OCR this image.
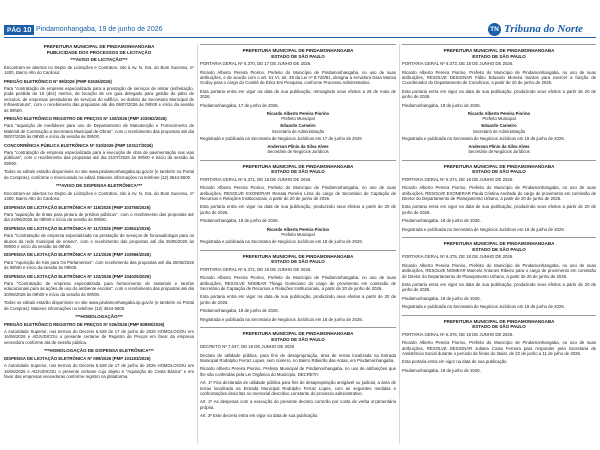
PÁG 10 Pindamonhangaba, 19 de junho de 2026	TN Tribuna do Norte
PREFEITURA MUNICIPAL DE PINDAMONHANGABA
PUBLICIDADE DOS PROCESSOS DE LICITAÇÃO
***AVISO DE LICITAÇÃO***
Encontram-se abertos no Depto de Licitações e Contratos, sito à Av. N. Sra. do Bom Sucesso, nº 1400, Bairro Alto do Cardoso:
PREGÃO ELETRÔNICO Nº 98/2026 (PMP 61536/2026)
Para "contratação de empresa especializada para a prestação de serviços de retirar (esfreitação, poda perdida de 10 (dez) metros, de locação de um guia delegado para gestão do pátio de veículos, de empresas prestadoras de serviços do edifício, no âmbito da Secretaria Municipal de Infraestrutura", com o recebimento das propostas até dia 06/07/2026 às 09h00 e início da sessão às 09h00.
PREGÃO ELETRÔNICO REGISTRO DE PREÇOS Nº 100/2026 (PMP 103062/2026)
Para "aquisição de medidores para uso do Departamento de Manutenção e Fornecimento de Material de Construção a Secretaria Municipal de Obras", com o recebimento das propostas até dia 08/07/2026 às 09h00 e início da sessão às 09h00.
CONCORRÊNCIA PÚBLICA ELETRÔNICA Nº 010/2026 (PMP 103117/2026)
Para "contratação de empresa especializada para a execução de obra de pavimentação nas vias públicas", com o recebimento das propostas até dia 21/07/2026 às 09h00 e início da sessão às 09h00.
Todos os editais estarão disponíveis no site www.pindamonhangaba.sp.gov.br (e também no Portal de Compras), conforme o mencionado no edital. Maiores informações no telefone (12) 3644-5600.
***AVISO DE DISPENSA ELETRÔNICA***
Encontram-se abertos no Depto de Licitações e Contratos, sito à Av. N. Sra. do Bom Sucesso, nº 1400, Bairro Alto do Cardoso:
DISPENSA DE LICITAÇÃO ELETRÔNICA Nº 116/2026 (PMP 103755/2026)
Para "aquisição de tintas para pintura de prédios públicos", com o recebimento das propostas até dia 24/06/2026 às 09h00 e início da sessão às 09h00.
DISPENSA DE LICITAÇÃO ELETRÔNICA Nº 117/2026 (PMP 103941/2026)
Para "Contratação de empresa especializada na prestação de serviços de fonoaudiologia para os alunos da rede municipal de ensino", com o recebimento das propostas até dia 25/06/2026 às 09h00 e início da sessão às 09h00.
DISPENSA DE LICITAÇÃO ELETRÔNICA Nº 121/2026 (PMP 103956/2026)
Para "Aquisição de Kits para Os Parlamentos", com recebimento das propostas até dia 30/06/2026 às 09h00 e início da sessão às 09h00.
DISPENSA DE LICITAÇÃO ELETRÔNICA Nº 122/2026 (PMP 104025/2026)
Para "Contratação de empresa especializada para fornecimento de materiais e tarefas educacionais para as ações de uso do ambiente escolar", com o recebimento das propostas até dia 30/06/2026 às 09h00 e início da sessão às 09h00.
Todos os editais estarão disponíveis no site www.pindamonhangaba.sp.gov.br (e também no Portal de Compras). Maiores informações no telefone (12) 3644-5600.
***HOMOLOGAÇÃO***
PREGÃO ELETRÔNICO REGISTRO DE PREÇOS Nº 026/2026 (PMP 80890/2026)
A Autoridade Superior, nos termos do Decreto 6.528 de 17 de junho de 2026 HOMOLOGOU em 16/06/2026 e ADJUDICOU o presente certame de Registro de Preços em favor da empresa vencedora conforme ata de sessão pública.
***HOMOLOGAÇÃO DE DISPENSA ELETRÔNICA***
DISPENSA DE LICITAÇÃO ELETRÔNICA Nº 099/2026 (PMP 101183/2026)
A Autoridade Superior, nos termos do Decreto 6.528 de 17 de junho de 2026 HOMOLOGOU em 16/06/2026 e ADJUDICOU o presente certame cujo objeto é "Aquisição de Cesta Básica" e em favor das empresas vencedoras conforme registro na plataforma.
PREFEITURA MUNICIPAL DE PINDAMONHANGABA
ESTADO DE SÃO PAULO
PORTARIA GERAL Nº 6.370, DE 17 DE JUNHO DE 2026.
Ricardo Alberto Pereira Piorino, Prefeito do Município de Pindamonhangaba, no uso de suas atribuições, e de acordo com o art. 61 VI, art. 38 da Lei nº 8.720/81, designa a servidora Dara Marisa Godoy para o cargo do Comitê de Ética Em Pesquisa, conforme Processo Administrativo.
Esta portaria entra em vigor na data de sua publicação, retroagindo seus efeitos a 29 de maio de 2026.
Pindamonhangaba, 17 de junho de 2026.
Ricardo Alberto Pereira Piorino
Prefeito Municipal
Eduardo Carneiro
Secretário de Administração
Registrada e publicada na Secretaria de Negócios Jurídicos em 17 de junho de 2026
Anderson Plínio da Silva Alves
Secretário de Negócios Jurídicos
PREFEITURA MUNICIPAL DE PINDAMONHANGABA
ESTADO DE SÃO PAULO
PORTARIA GERAL Nº 6.371, DE 18 DE JUNHO DE 2026.
Ricardo Alberto Pereira Piorino, Prefeito do Município de Pindamonhangaba, no uso de suas atribuições, RESOLVE EXONERAR Renata Pereira Lima do cargo de Secretário de Captação de Recursos e Relações Institucionais, a partir de 20 de junho de 2026.
Esta portaria entra em vigor na data de sua publicação, produzindo seus efeitos a partir de 20 de junho de 2026.
Pindamonhangaba, 18 de junho de 2026.
Ricardo Alberto Pereira Piorino
Prefeito Municipal
Registrada e publicada na Secretaria de Negócios Jurídicos em 18 de junho de 2026.
PREFEITURA MUNICIPAL DE PINDAMONHANGABA
ESTADO DE SÃO PAULO
PORTARIA GERAL Nº 6.372, DE 18 DE JUNHO DE 2026.
Ricardo Alberto Pereira Piorino, Prefeito do Município de Pindamonhangaba, no uso de suas atribuições, RESOLVE NOMEAR Thiago Domiciano do cargo de provimento em comissão de Secretário de Captação de Recursos e Relações Institucionais, a partir de 20 de junho de 2026.
Esta portaria entra em vigor na data de sua publicação, produzindo seus efeitos a partir de 20 de junho de 2026.
Pindamonhangaba, 18 de junho de 2026.
Registrada e publicada na Secretaria de Negócios Jurídicos em 18 de junho de 2026.
PREFEITURA MUNICIPAL DE PINDAMONHANGABA
ESTADO DE SÃO PAULO
DECRETO Nº 7.047, DE 18 DE JUNHO DE 2026
Declara de utilidade pública, para fins de desapropriação, área de terras localizada na Estrada Municipal Rodolpho Ferraz Lopes, sem número, no Bairro Ribeirão das Antas, em Pindamonhangaba.
Ricardo Alberto Pereira Piorino, Prefeito Municipal de Pindamonhangaba, no uso de atribuições que lhe são conferidas pela Lei Orgânica do Município, DECRETA:
Art. 1º Fica declarada de utilidade pública para fins de desapropriação amigável ou judicial, a área de terras localizada na Estrada Municipal Rodolpho Ferraz Lopes, com as seguintes medidas e confrontações descritas no memorial descritivo constante do processo administrativo.
Art. 2º As despesas com a execução do presente decreto correrão por conta de verba orçamentária própria.
Art. 3º Este decreto entra em vigor na data de sua publicação.
PREFEITURA MUNICIPAL DE PINDAMONHANGABA
ESTADO DE SÃO PAULO
PORTARIA GERAL Nº 6.373, DE 18 DE JUNHO DE 2026.
Ricardo Alberto Pereira Piorino, Prefeito do Município de Pindamonhangaba, no uso de suas atribuições, RESOLVE DESIGNAR Fábio Eduardo Moreira Santos para exercer a função de Coordenador do Departamento de Convênios, a partir de 20 de junho de 2026.
Esta portaria entra em vigor na data de sua publicação, produzindo seus efeitos a partir de 20 de junho de 2026.
Pindamonhangaba, 18 de junho de 2026.
Ricardo Alberto Pereira Piorino
Prefeito Municipal
Eduardo Carneiro
Secretário de Administração
Registrada e publicada na Secretaria de Negócios Jurídicos em 18 de junho de 2026.
Anderson Plínio da Silva Alves
Secretário de Negócios Jurídicos
PREFEITURA MUNICIPAL DE PINDAMONHANGABA
ESTADO DE SÃO PAULO
PORTARIA GERAL Nº 6.374, DE 18 DE JUNHO DE 2026.
Ricardo Alberto Pereira Piorino, Prefeito do Município de Pindamonhangaba, no uso de suas atribuições, RESOLVE EXONERAR Paula Cristina Andrade do cargo de provimento em comissão de Diretor do Departamento de Planejamento Urbano, a partir de 20 de junho de 2026.
Esta portaria entra em vigor na data de sua publicação, produzindo seus efeitos a partir de 20 de junho de 2026.
Pindamonhangaba, 18 de junho de 2026.
Registrada e publicada na Secretaria de Negócios Jurídicos em 18 de junho de 2026.
PREFEITURA MUNICIPAL DE PINDAMONHANGABA
ESTADO DE SÃO PAULO
PORTARIA GERAL Nº 6.375, DE 18 DE JUNHO DE 2026.
Ricardo Alberto Pereira Piorino, Prefeito do Município de Pindamonhangaba, no uso de suas atribuições, RESOLVE NOMEAR Marcelo Antunes Ribeiro para o cargo de provimento em comissão de Diretor do Departamento de Planejamento Urbano, a partir de 20 de junho de 2026.
Esta portaria entra em vigor na data de sua publicação, produzindo seus efeitos a partir de 20 de junho de 2026.
Pindamonhangaba, 18 de junho de 2026.
Registrada e publicada na Secretaria de Negócios Jurídicos em 18 de junho de 2026.
PREFEITURA MUNICIPAL DE PINDAMONHANGABA
ESTADO DE SÃO PAULO
PORTARIA GERAL Nº 6.376, DE 18 DE JUNHO DE 2026.
Ricardo Alberto Pereira Piorino, Prefeito do Município de Pindamonhangaba, no uso de suas atribuições, RESOLVE DESIGNAR Juliana Costa Ferreira para responder pela Secretaria de Assistência Social durante o período de férias do titular, de 22 de junho a 11 de julho de 2026.
Esta portaria entra em vigor na data de sua publicação.
Pindamonhangaba, 18 de junho de 2026.
